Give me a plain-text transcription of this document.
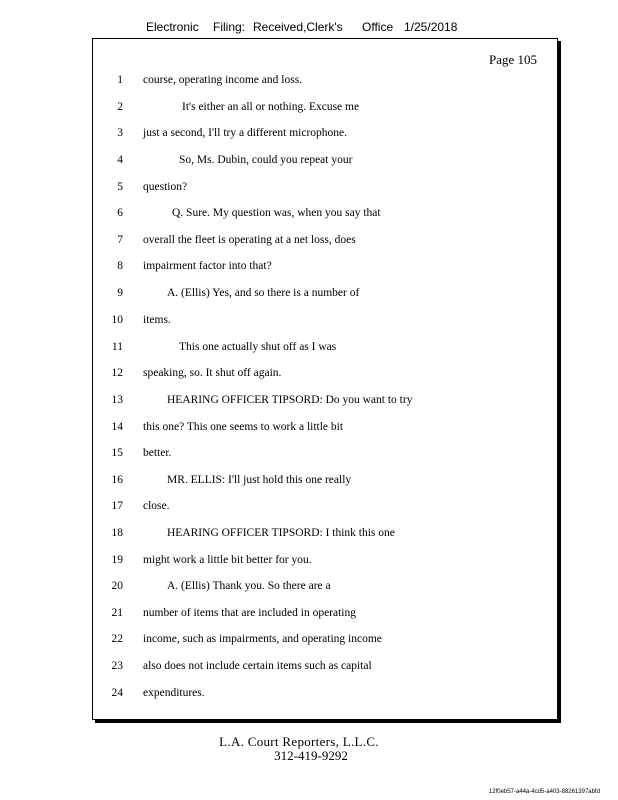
Electronic Filing: Received,Clerk's Office 1/25/2018
Page 105
1 course, operating income and loss.
2	It's either an all or nothing. Excuse me
3 just a second, I'll try a different microphone.
4	So, Ms. Dubin, could you repeat your
5 question?
6	Q. Sure. My question was, when you say that
7 overall the fleet is operating at a net loss, does
8 impairment factor into that?
9	A. (Ellis) Yes, and so there is a number of
10 items.
11	This one actually shut off as I was
12 speaking, so. It shut off again.
13	HEARING OFFICER TIPSORD: Do you want to try
14 this one? This one seems to work a little bit
15 better.
16	MR. ELLIS: I'll just hold this one really
17 close.
18	HEARING OFFICER TIPSORD: I think this one
19 might work a little bit better for you.
20	A. (Ellis) Thank you. So there are a
21 number of items that are included in operating
22 income, such as impairments, and operating income
23 also does not include certain items such as capital
24 expenditures.
L.A. Court Reporters, L.L.C.
312-419-9292
12f0eb57-a44a-4cd5-a403-88261397abfd
